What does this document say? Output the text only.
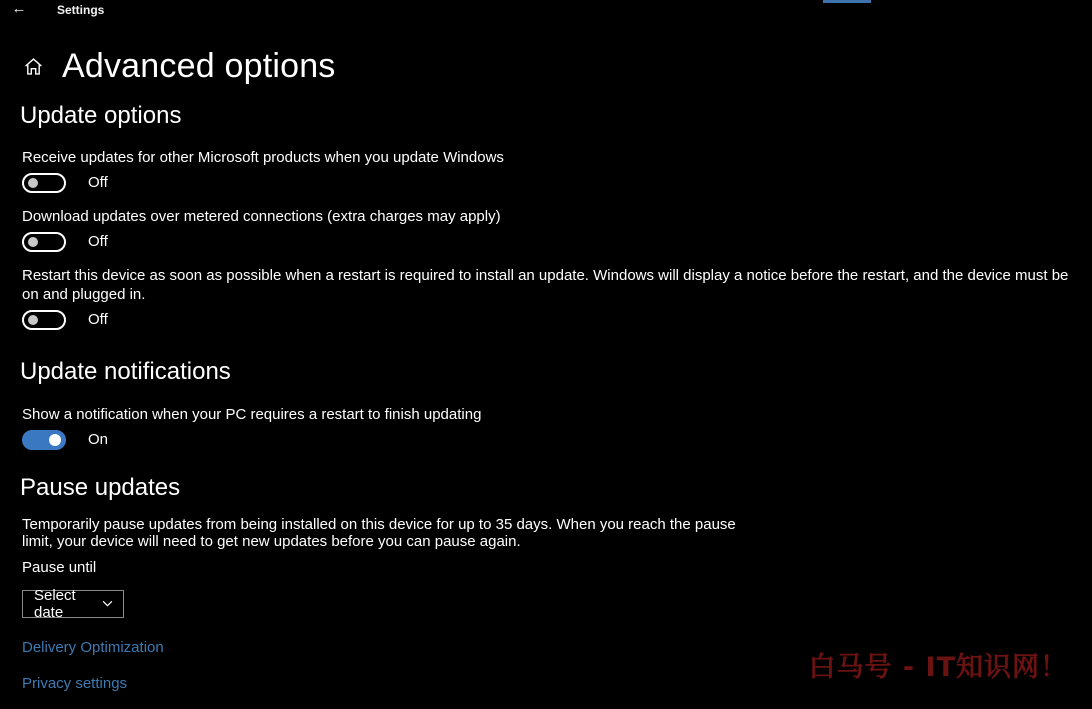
←	Settings
Advanced options
Update options
Receive updates for other Microsoft products when you update Windows
Off
Download updates over metered connections (extra charges may apply)
Off
Restart this device as soon as possible when a restart is required to install an update. Windows will display a notice before the restart, and the device must be on and plugged in.
Off
Update notifications
Show a notification when your PC requires a restart to finish updating
On
Pause updates

Temporarily pause updates from being installed on this device for up to 35 days. When you reach the pause limit, your device will need to get new updates before you can pause again.

Pause until
Select date
Delivery Optimization
Privacy settings
白马号 - IT知识网！
